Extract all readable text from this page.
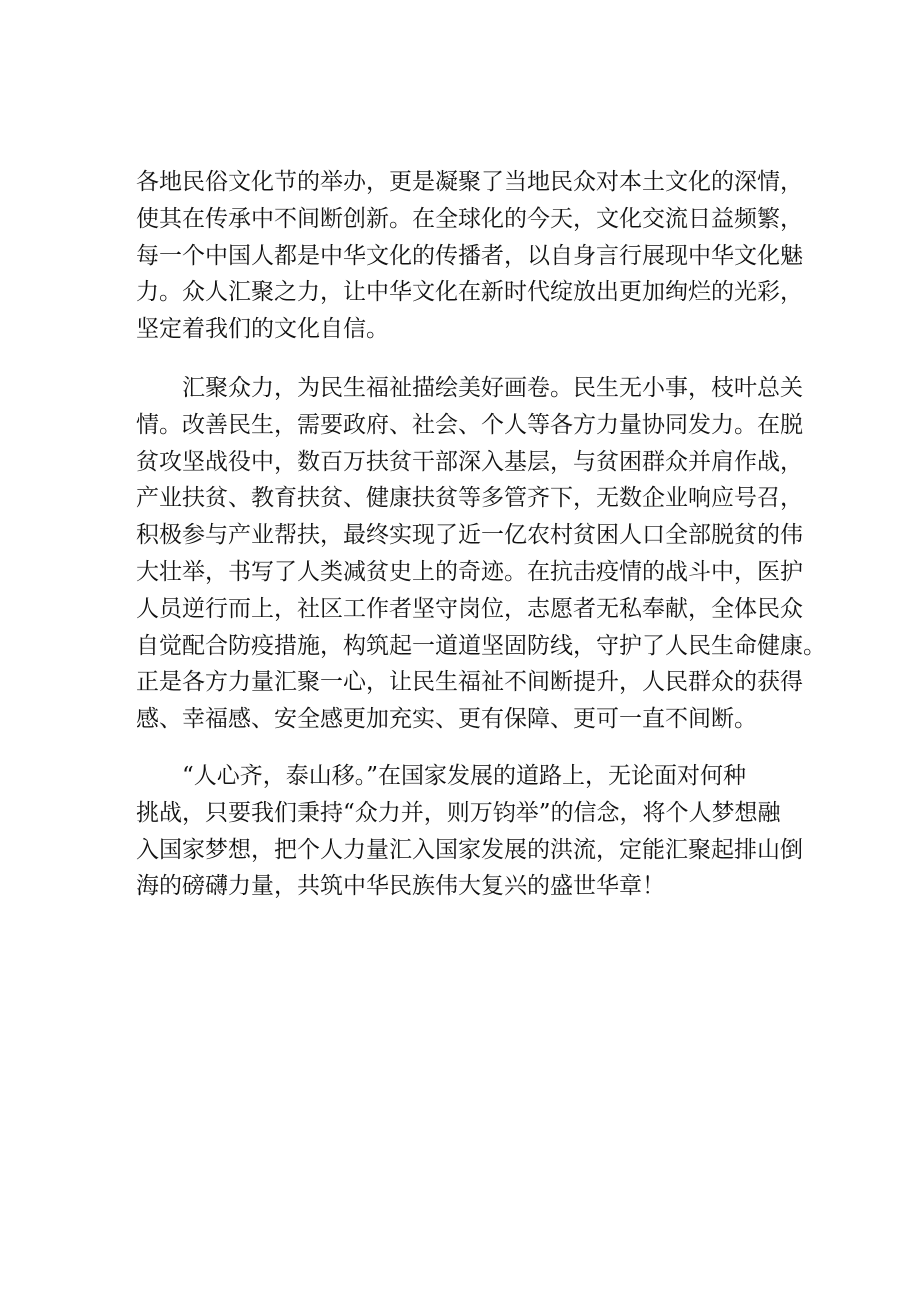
各地民俗文化节的举办，更是凝聚了当地民众对本土文化的深情，
使其在传承中不间断创新。在全球化的今天，文化交流日益频繁，
每一个中国人都是中华文化的传播者，以自身言行展现中华文化魅
力。众人汇聚之力，让中华文化在新时代绽放出更加绚烂的光彩，
坚定着我们的文化自信。

汇聚众力，为民生福祉描绘美好画卷。民生无小事，枝叶总关
情。改善民生，需要政府、社会、个人等各方力量协同发力。在脱
贫攻坚战役中，数百万扶贫干部深入基层，与贫困群众并肩作战，
产业扶贫、教育扶贫、健康扶贫等多管齐下，无数企业响应号召，
积极参与产业帮扶，最终实现了近一亿农村贫困人口全部脱贫的伟
大壮举，书写了人类减贫史上的奇迹。在抗击疫情的战斗中，医护
人员逆行而上，社区工作者坚守岗位，志愿者无私奉献，全体民众
自觉配合防疫措施，构筑起一道道坚固防线，守护了人民生命健康。
正是各方力量汇聚一心，让民生福祉不间断提升，人民群众的获得
感、幸福感、安全感更加充实、更有保障、更可一直不间断。

“人心齐，泰山移。”在国家发展的道路上，无论面对何种
挑战，只要我们秉持“众力并，则万钧举”的信念，将个人梦想融
入国家梦想，把个人力量汇入国家发展的洪流，定能汇聚起排山倒
海的磅礴力量，共筑中华民族伟大复兴的盛世华章！
